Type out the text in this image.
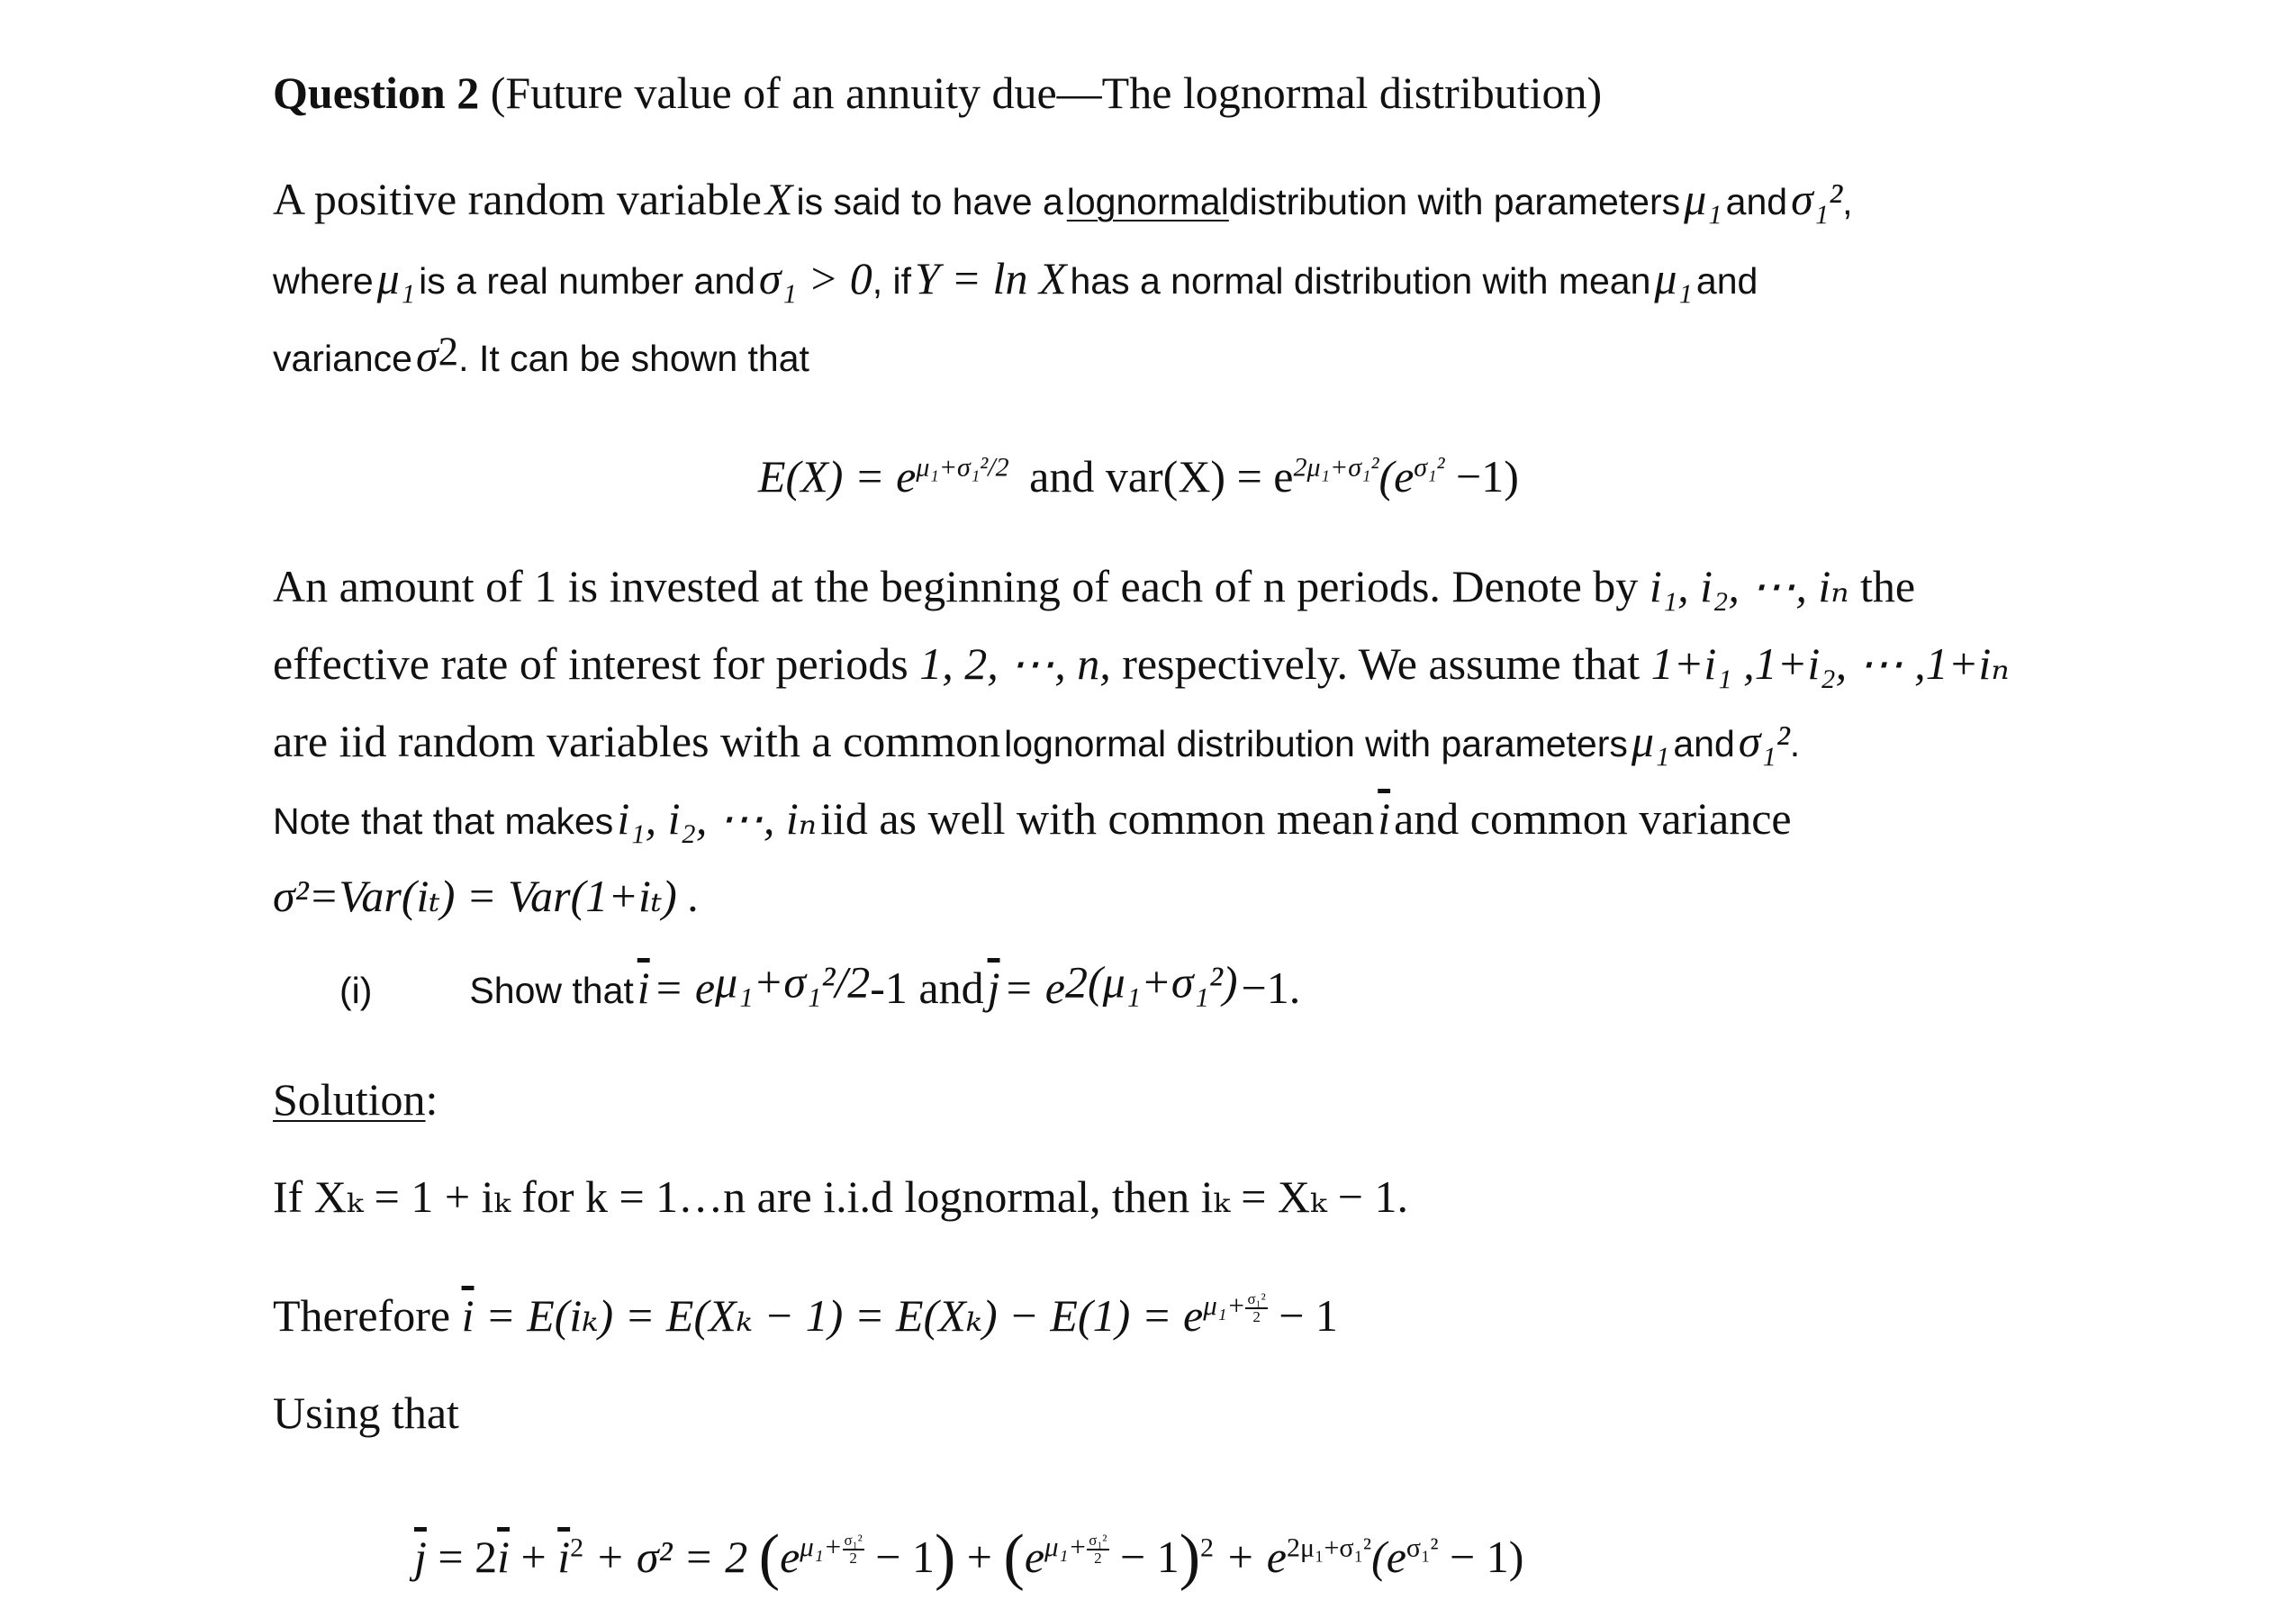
Question 2 (Future value of an annuity due—The lognormal distribution)
A positive random variable X is said to have a lognormaldistribution with parameters μ₁ and σ₁²,
where μ₁ is a real number and σ₁ > 0, if Y = ln X has a normal distribution with mean μ₁ and
variance $\sigma^2$. It can be shown that
$E(X) = e^{\mu_1+\sigma_1^2/2}$ and $var(X) = e^{2\mu_1+\sigma_1^2}(e^{\sigma_1^2} -1)$
An amount of 1 is invested at the beginning of each of n periods. Denote by i₁, i₂, ⋯, iₙ the
effective rate of interest for periods 1, 2, ⋯, n, respectively. We assume that 1+i₁ ,1+i₂, ⋯ ,1+iₙ
are iid random variables with a common lognormal distribution with parameters μ₁ and σ₁².
Note that that makes i₁, i₂, ⋯, iₙ iid as well with common mean $\overline{i}$ and common variance
σ²=Var(iₜ) = Var(1+iₜ) .
(i)	Show that $\overline{i} = e^{\mu_1+\sigma_1^2/2}-1$ and $\overline{j} = e^{2(\mu_1+\sigma_1^2)} -1$.
Solution:
If Xₖ = 1 + iₖ for k = 1…n are i.i.d lognormal, then iₖ = Xₖ − 1.
Therefore $\overline{i} = E(i_k) = E(X_k - 1) = E(X_k) - E(1) = e^{\mu_1+ \frac{\text{σ₁²}}{2}} - 1$
Using that
$\overline{j} = 2\overline{i} + \overline{i}^2 + \sigma^2 = 2$ $(e^{\mu_1+ \frac{\text{σ₁²}}{2}} - 1) + (e^{\mu_1+ \frac{\text{σ₁²}}{2}} - 1)^2 + e^{2\mu_1+\sigma_1^2}(e^{\sigma_1^2} - 1)$
